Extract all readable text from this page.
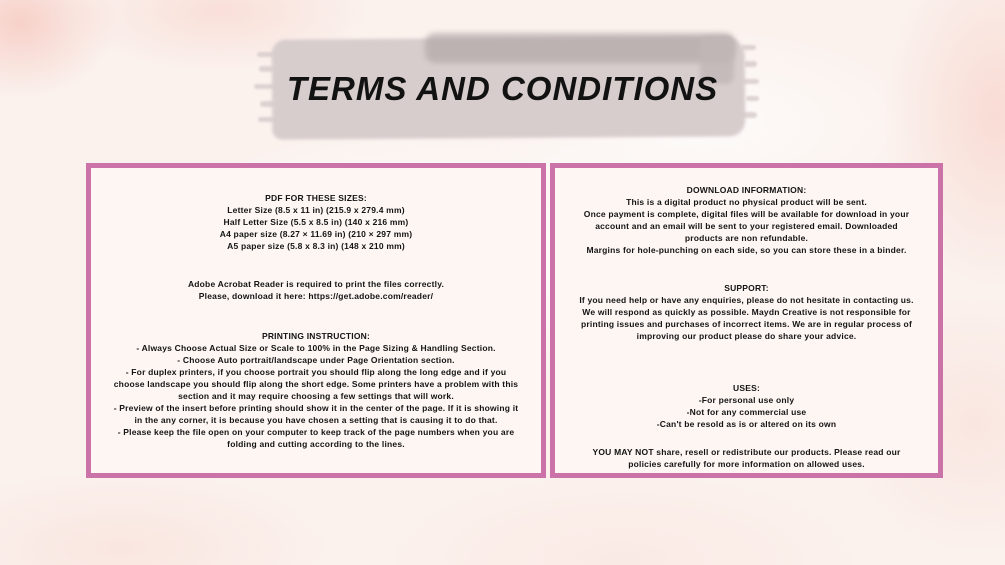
TERMS AND CONDITIONS

PDF FOR THESE SIZES:

Letter Size (8.5 x 11 in) (215.9 x 279.4 mm)

Half Letter Size (5.5 x 8.5 in) (140 x 216 mm)

A4 paper size (8.27 × 11.69 in) (210 × 297 mm)

A5 paper size (5.8 x 8.3 in) (148 x 210 mm)

Adobe Acrobat Reader is required to print the files correctly.

Please, download it here: https://get.adobe.com/reader/

PRINTING INSTRUCTION:

- Always Choose Actual Size or Scale to 100% in the Page Sizing & Handling Section.

- Choose Auto portrait/landscape under Page Orientation section.

- For duplex printers, if you choose portrait you should flip along the long edge and if you choose landscape you should flip along the short edge. Some printers have a problem with this section and it may require choosing a few settings that will work.

- Preview of the insert before printing should show it in the center of the page. If it is showing it in the any corner, it is because you have chosen a setting that is causing it to do that.

- Please keep the file open on your computer to keep track of the page numbers when you are folding and cutting according to the lines.

DOWNLOAD INFORMATION:

This is a digital product no physical product will be sent.

Once payment is complete, digital files will be available for download in your account and an email will be sent to your registered email. Downloaded products are non refundable.

Margins for hole-punching on each side, so you can store these in a binder.

SUPPORT:

If you need help or have any enquiries, please do not hesitate in contacting us. We will respond as quickly as possible. Maydn Creative is not responsible for printing issues and purchases of incorrect items. We are in regular process of improving our product please do share your advice.

USES:

-For personal use only

-Not for any commercial use

-Can't be resold as is or altered on its own

YOU MAY NOT share, resell or redistribute our products. Please read our policies carefully for more information on allowed uses.
